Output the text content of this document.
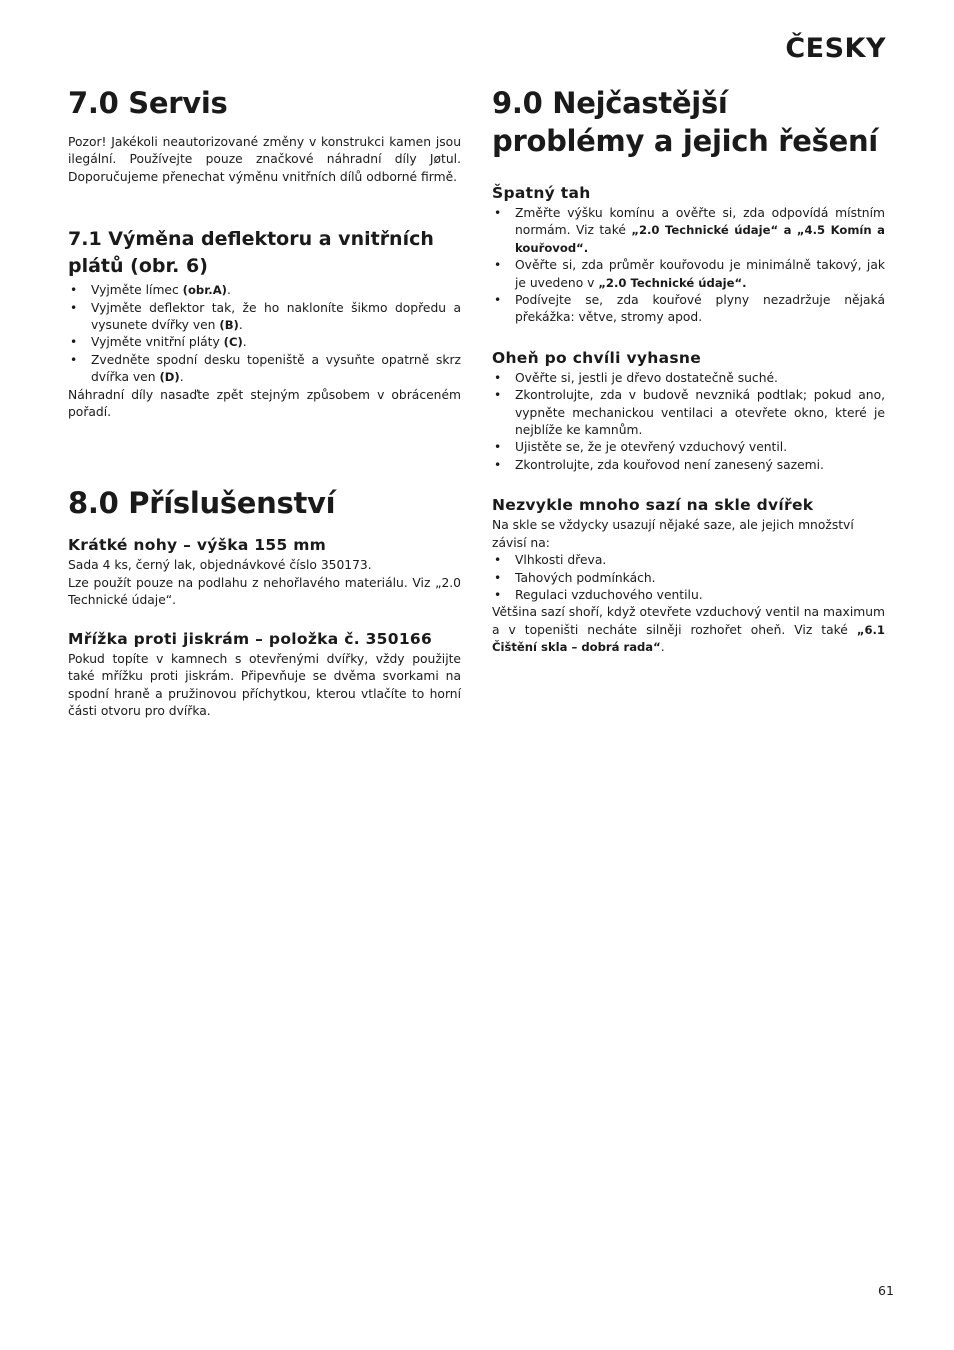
ČESKY
7.0 Servis

Pozor! Jakékoli neautorizované změny v konstrukci kamen jsou ilegální. Používejte pouze značkové náhradní díly Jøtul. Doporučujeme přenechat výměnu vnitřních dílů odborné firmě.

7.1 Výměna deflektoru a vnitřních plátů (obr. 6)
• Vyjměte límec (obr.A).
• Vyjměte deflektor tak, že ho nakloníte šikmo dopředu a vysunete dvířky ven (B).
• Vyjměte vnitřní pláty (C).
• Zvedněte spodní desku topeniště a vysuňte opatrně skrz dvířka ven (D).

Náhradní díly nasaďte zpět stejným způsobem v obráceném pořadí.

8.0 Příslušenství
Krátké nohy – výška 155 mm

Sada 4 ks, černý lak, objednávkové číslo 350173.

Lze použít pouze na podlahu z nehořlavého materiálu. Viz „2.0 Technické údaje“.

Mřížka proti jiskrám – položka č. 350166

Pokud topíte v kamnech s otevřenými dvířky, vždy použijte také mřížku proti jiskrám. Připevňuje se dvěma svorkami na spodní hraně a pružinovou příchytkou, kterou vtlačíte to horní části otvoru pro dvířka.

9.0 Nejčastější problémy a jejich řešení
Špatný tah
• Změřte výšku komínu a ověřte si, zda odpovídá místním normám. Viz také „2.0 Technické údaje“ a „4.5 Komín a kouřovod“.
• Ověřte si, zda průměr kouřovodu je minimálně takový, jak je uvedeno v „2.0 Technické údaje“.
• Podívejte se, zda kouřové plyny nezadržuje nějaká překážka: větve, stromy apod.
Oheň po chvíli vyhasne
• Ověřte si, jestli je dřevo dostatečně suché.
• Zkontrolujte, zda v budově nevzniká podtlak; pokud ano, vypněte mechanickou ventilaci a otevřete okno, které je nejblíže ke kamnům.
• Ujistěte se, že je otevřený vzduchový ventil.
• Zkontrolujte, zda kouřovod není zanesený sazemi.
Nezvykle mnoho sazí na skle dvířek

Na skle se vždycky usazují nějaké saze, ale jejich množství závisí na:

• Vlhkosti dřeva.
• Tahových podmínkách.
• Regulaci vzduchového ventilu.

Většina sazí shoří, když otevřete vzduchový ventil na maximum a v topeništi necháte silněji rozhořet oheň. Viz také „6.1 Čištění skla – dobrá rada“.

61
